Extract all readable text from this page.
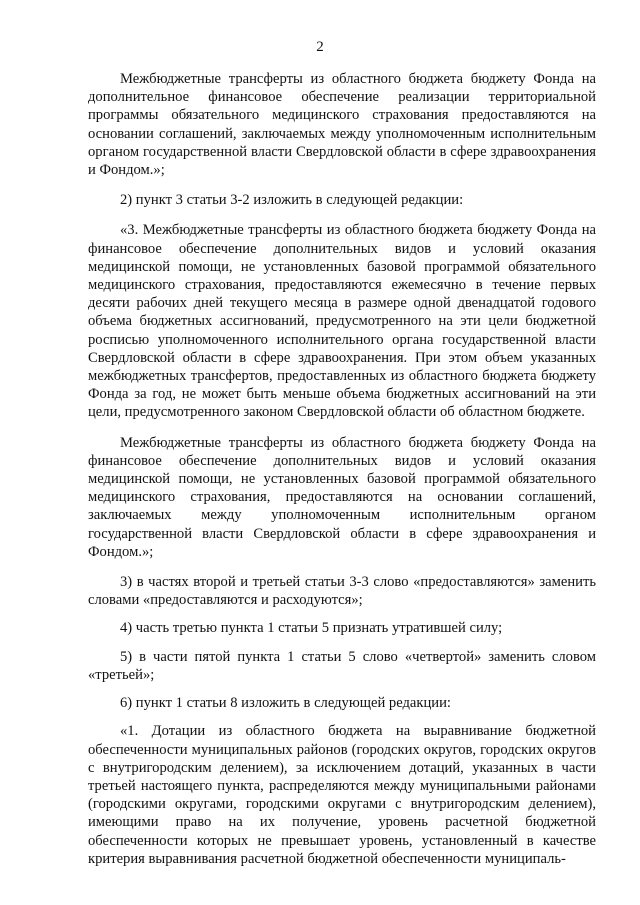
2

Межбюджетные трансферты из областного бюджета бюджету Фонда на дополнительное финансовое обеспечение реализации территориальной программы обязательного медицинского страхования предоставляются на основании соглашений, заключаемых между уполномоченным исполнительным органом государственной власти Свердловской области в сфере здравоохранения и Фондом.»;

2) пункт 3 статьи 3-2 изложить в следующей редакции:

«3. Межбюджетные трансферты из областного бюджета бюджету Фонда на финансовое обеспечение дополнительных видов и условий оказания медицинской помощи, не установленных базовой программой обязательного медицинского страхования, предоставляются ежемесячно в течение первых десяти рабочих дней текущего месяца в размере одной двенадцатой годового объема бюджетных ассигнований, предусмотренного на эти цели бюджетной росписью уполномоченного исполнительного органа государственной власти Свердловской области в сфере здравоохранения. При этом объем указанных межбюджетных трансфертов, предоставленных из областного бюджета бюджету Фонда за год, не может быть меньше объема бюджетных ассигнований на эти цели, предусмотренного законом Свердловской области об областном бюджете.

Межбюджетные трансферты из областного бюджета бюджету Фонда на финансовое обеспечение дополнительных видов и условий оказания медицинской помощи, не установленных базовой программой обязательного медицинского страхования, предоставляются на основании соглашений, заключаемых между уполномоченным исполнительным органом государственной власти Свердловской области в сфере здравоохранения и Фондом.»;

3) в частях второй и третьей статьи 3-3 слово «предоставляются» заменить словами «предоставляются и расходуются»;

4) часть третью пункта 1 статьи 5 признать утратившей силу;

5) в части пятой пункта 1 статьи 5 слово «четвертой» заменить словом «третьей»;

6) пункт 1 статьи 8 изложить в следующей редакции:

«1. Дотации из областного бюджета на выравнивание бюджетной обеспеченности муниципальных районов (городских округов, городских округов с внутригородским делением), за исключением дотаций, указанных в части третьей настоящего пункта, распределяются между муниципальными районами (городскими округами, городскими округами с внутригородским делением), имеющими право на их получение, уровень расчетной бюджетной обеспеченности которых не превышает уровень, установленный в качестве критерия выравнивания расчетной бюджетной обеспеченности муниципаль-
